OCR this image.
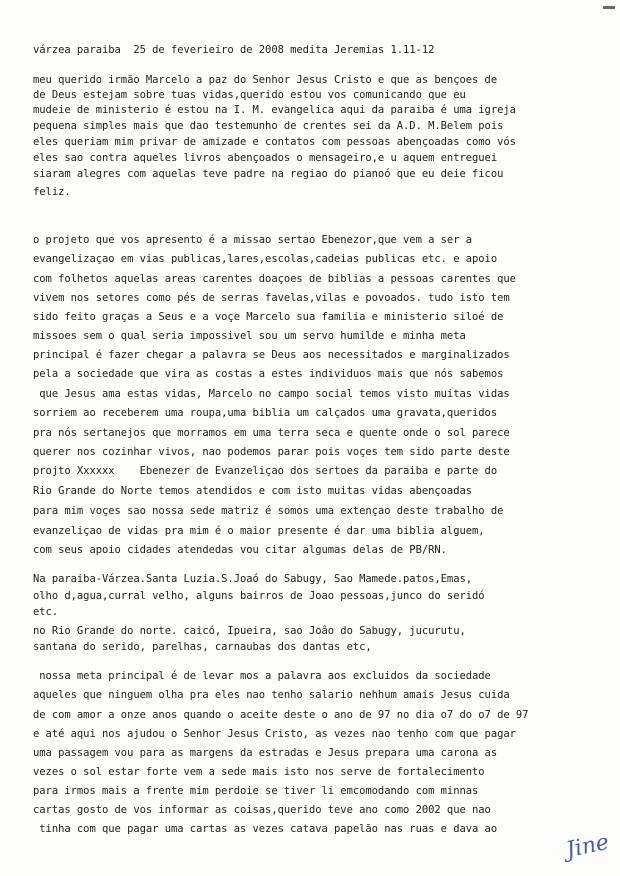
várzea paraiba  25 de feverieiro de 2008 medita Jeremias 1.11-12
meu querido irmão Marcelo a paz do Senhor Jesus Cristo e que as bençoes de
de Deus estejam sobre tuas vidas,querido estou vos comunicando que eu
mudeie de ministerio é estou na I. M. evangelica aqui da paraiba é uma igreja
pequena simples mais que dao testemunho de crentes sei da A.D. M.Belem pois
eles queriam mim privar de amizade e contatos com pessoas abençoadas como vós
eles sao contra aqueles livros abençoados o mensageiro,e u aquem entreguei
siaram alegres com aquelas teve padre na regiao do pianoó que eu deie ficou
feliz.
o projeto que vos apresento é a missao sertao Ebenezor,que vem a ser a
evangelizaçao em vias publicas,lares,escolas,cadeias publicas etc. e apoio
com folhetos aquelas areas carentes doaçoes de biblias a pessoas carentes que
vivem nos setores como pés de serras favelas,vilas e povoados. tudo isto tem
sido feito graças a Seus e a voçe Marcelo sua familia e ministerio siloé de
missoes sem o qual seria impossivel sou um servo humilde e minha meta
principal é fazer chegar a palavra se Deus aos necessitados e marginalizados
pela a sociedade que vira as costas a estes individuos mais que nós sabemos
que Jesus ama estas vidas, Marcelo no campo social temos visto muitas vidas
sorriem ao receberem uma roupa,uma biblia um calçados uma gravata,queridos
pra nós sertanejos que morramos em uma terra seca e quente onde o sol parece
querer nos cozinhar vivos, nao podemos parar pois voçes tem sido parte deste
projto Xxxxxx    Ebenezer de Evanzeliçao dos sertoes da paraiba e parte do
Rio Grande do Norte temos atendidos e com isto muitas vidas abençoadas
para mim voçes sao nossa sede matriz é somos uma extençao deste trabalho de
evanzeliçao de vidas pra mim é o maior presente é dar uma biblia alguem,
com seus apoio cidades atendedas vou citar algumas delas de PB/RN.
Na paraiba-Várzea.Santa Luzia.S.Joaó do Sabugy, Sao Mamede.patos,Emas,
olho d,agua,curral velho, alguns bairros de Joao pessoas,junco do seridó
etc.
no Rio Grande do norte. caicó, Ipueira, sao Joâo do Sabugy, jucurutu,
santana do serido, parelhas, carnaubas dos dantas etc,
nossa meta principal é de levar mos a palavra aos excluidos da sociedade
aqueles que ninguem olha pra eles nao tenho salario nehhum amais Jesus cuida
de com amor a onze anos quando o aceite deste o ano de 97 no dia o7 do o7 de 97
e até aqui nos ajudou o Senhor Jesus Cristo, as vezes nao tenho com que pagar
uma passagem vou para as margens da estradas e Jesus prepara uma carona as
vezes o sol estar forte vem a sede mais isto nos serve de fortalecimento
para irmos mais a frente mim perdoie se tiver li emcomodando com minnas
cartas gosto de vos informar as coisas,querido teve ano como 2002 que nao
tinha com que pagar uma cartas as vezes catava papelão nas ruas e dava ao
Jine
